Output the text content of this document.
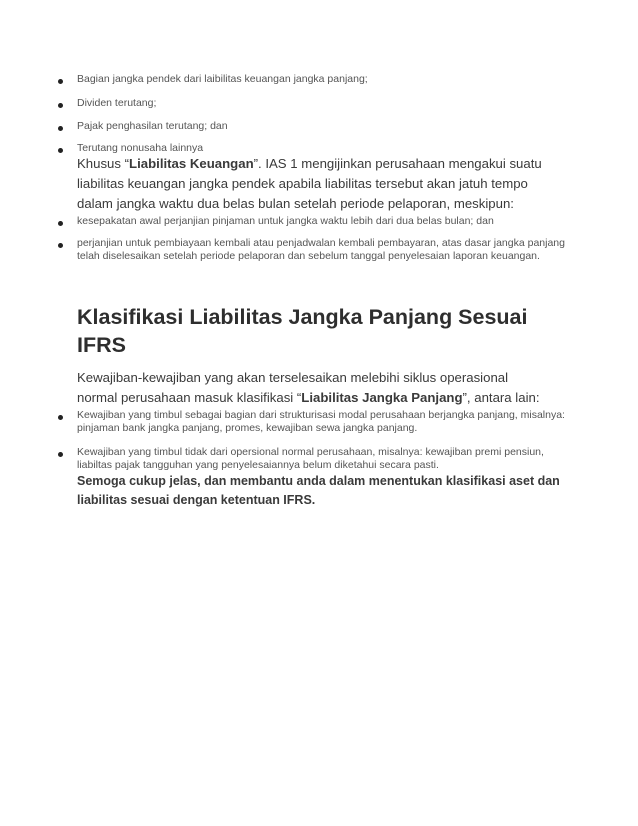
Bagian jangka pendek dari laibilitas keuangan jangka panjang;
Dividen terutang;
Pajak penghasilan terutang; dan
Terutang nonusaha lainnya
Khusus “Liabilitas Keuangan”. IAS 1 mengijinkan perusahaan mengakui suatu liabilitas keuangan jangka pendek apabila liabilitas tersebut akan jatuh tempo dalam jangka waktu dua belas bulan setelah periode pelaporan, meskipun:
kesepakatan awal perjanjian pinjaman untuk jangka waktu lebih dari dua belas bulan; dan
perjanjian untuk pembiayaan kembali atau penjadwalan kembali pembayaran, atas dasar jangka panjang telah diselesaikan setelah periode pelaporan dan sebelum tanggal penyelesaian laporan keuangan.
Klasifikasi Liabilitas Jangka Panjang Sesuai IFRS
Kewajiban-kewajiban yang akan terselesaikan melebihi siklus operasional normal perusahaan masuk klasifikasi “Liabilitas Jangka Panjang”, antara lain:
Kewajiban yang timbul sebagai bagian dari strukturisasi modal perusahaan berjangka panjang, misalnya: pinjaman bank jangka panjang, promes, kewajiban sewa jangka panjang.
Kewajiban yang timbul tidak dari opersional normal perusahaan, misalnya: kewajiban premi pensiun, liabiltas pajak tangguhan yang penyelesaiannya belum diketahui secara pasti.
Semoga cukup jelas, dan membantu anda dalam menentukan klasifikasi aset dan liabilitas sesuai dengan ketentuan IFRS.
